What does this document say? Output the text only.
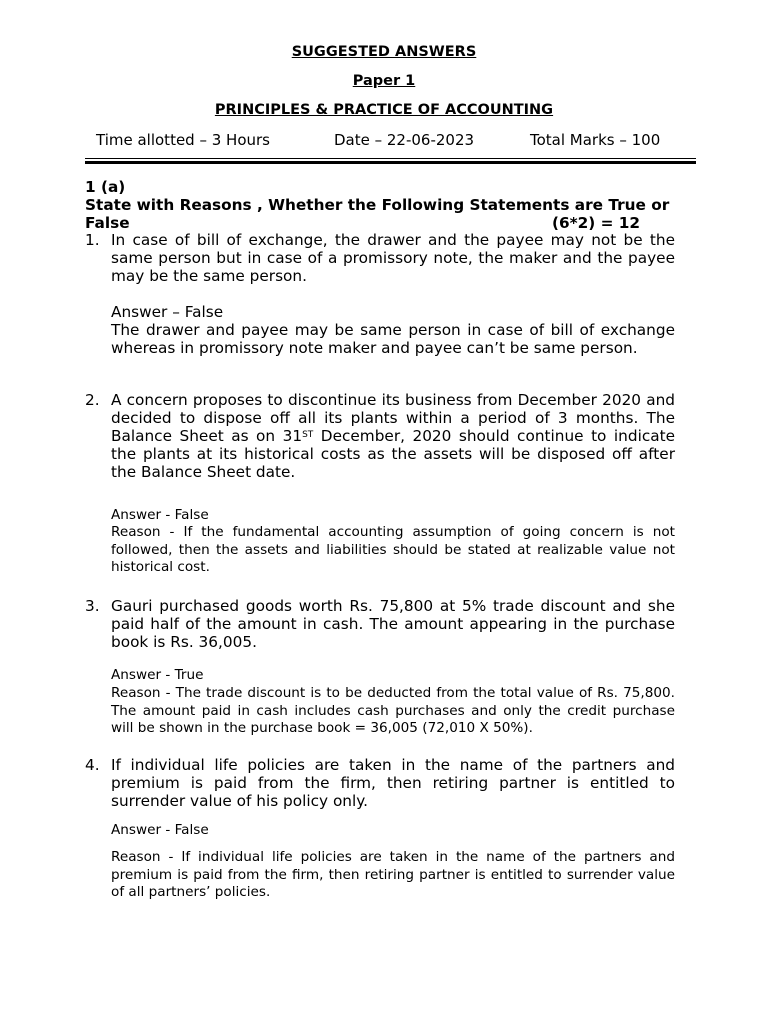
SUGGESTED ANSWERS
Paper 1
PRINCIPLES & PRACTICE OF ACCOUNTING
Time allotted – 3 Hours	Date – 22-06-2023	Total Marks – 100
1 (a)
State with Reasons , Whether the Following Statements are True or
False	(6*2) = 12
1. In case of bill of exchange, the drawer and the payee may not be the same person but in case of a promissory note, the maker and the payee may be the same person.
Answer – False
The drawer and payee may be same person in case of bill of exchange whereas in promissory note maker and payee can’t be same person.
2. A concern proposes to discontinue its business from December 2020 and decided to dispose off all its plants within a period of 3 months. The Balance Sheet as on 31ST December, 2020 should continue to indicate the plants at its historical costs as the assets will be disposed off after the Balance Sheet date.
Answer - False
Reason - If the fundamental accounting assumption of going concern is not followed, then the assets and liabilities should be stated at realizable value not historical cost.
3. Gauri purchased goods worth Rs. 75,800 at 5% trade discount and she paid half of the amount in cash. The amount appearing in the purchase book is Rs. 36,005.
Answer - True
Reason - The trade discount is to be deducted from the total value of Rs. 75,800. The amount paid in cash includes cash purchases and only the credit purchase will be shown in the purchase book = 36,005 (72,010 X 50%).
4. If individual life policies are taken in the name of the partners and premium is paid from the firm, then retiring partner is entitled to surrender value of his policy only.
Answer - False
Reason - If individual life policies are taken in the name of the partners and premium is paid from the firm, then retiring partner is entitled to surrender value of all partners’ policies.
